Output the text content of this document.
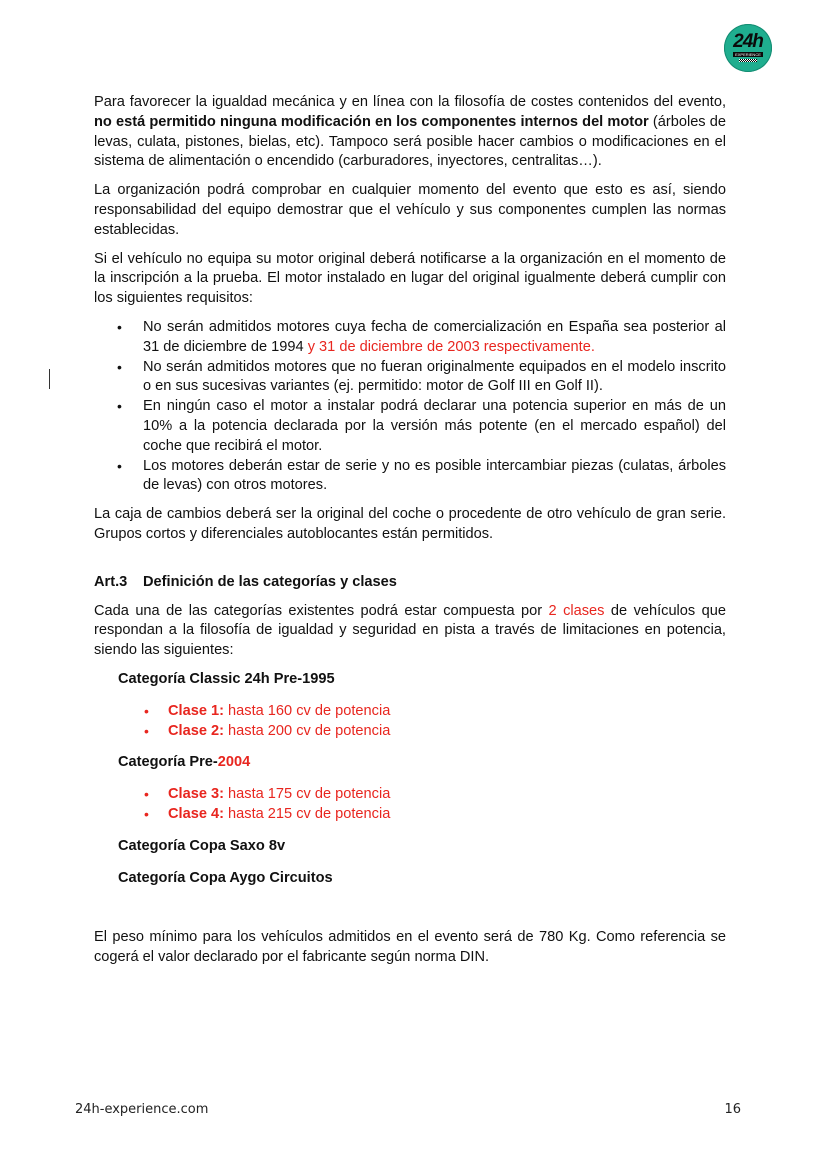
24h
EXPERIENCE

Para favorecer la igualdad mecánica y en línea con la filosofía de costes contenidos del evento, no está permitido ninguna modificación en los componentes internos del motor (árboles de levas, culata, pistones, bielas, etc). Tampoco será posible hacer cambios o modificaciones en el sistema de alimentación o encendido (carburadores, inyectores, centralitas…).

La organización podrá comprobar en cualquier momento del evento que esto es así, siendo responsabilidad del equipo demostrar que el vehículo y sus componentes cumplen las normas establecidas.

Si el vehículo no equipa su motor original deberá notificarse a la organización en el momento de la inscripción a la prueba. El motor instalado en lugar del original igualmente deberá cumplir con los siguientes requisitos:

• No serán admitidos motores cuya fecha de comercialización en España sea posterior al 31 de diciembre de 1994 y 31 de diciembre de 2003 respectivamente.
• No serán admitidos motores que no fueran originalmente equipados en el modelo inscrito o en sus sucesivas variantes (ej. permitido: motor de Golf III en Golf II).
• En ningún caso el motor a instalar podrá declarar una potencia superior en más de un 10% a la potencia declarada por la versión más potente (en el mercado español) del coche que recibirá el motor.
• Los motores deberán estar de serie y no es posible intercambiar piezas (culatas, árboles de levas) con otros motores.

La caja de cambios deberá ser la original del coche o procedente de otro vehículo de gran serie. Grupos cortos y diferenciales autoblocantes están permitidos.

Art.3 Definición de las categorías y clases

Cada una de las categorías existentes podrá estar compuesta por 2 clases de vehículos que respondan a la filosofía de igualdad y seguridad en pista a través de limitaciones en potencia, siendo las siguientes:

Categoría Classic 24h Pre-1995
• Clase 1: hasta 160 cv de potencia
• Clase 2: hasta 200 cv de potencia
Categoría Pre-2004
• Clase 3: hasta 175 cv de potencia
• Clase 4: hasta 215 cv de potencia
Categoría Copa Saxo 8v
Categoría Copa Aygo Circuitos

El peso mínimo para los vehículos admitidos en el evento será de 780 Kg. Como referencia se cogerá el valor declarado por el fabricante según norma DIN.

24h-experience.com	16
